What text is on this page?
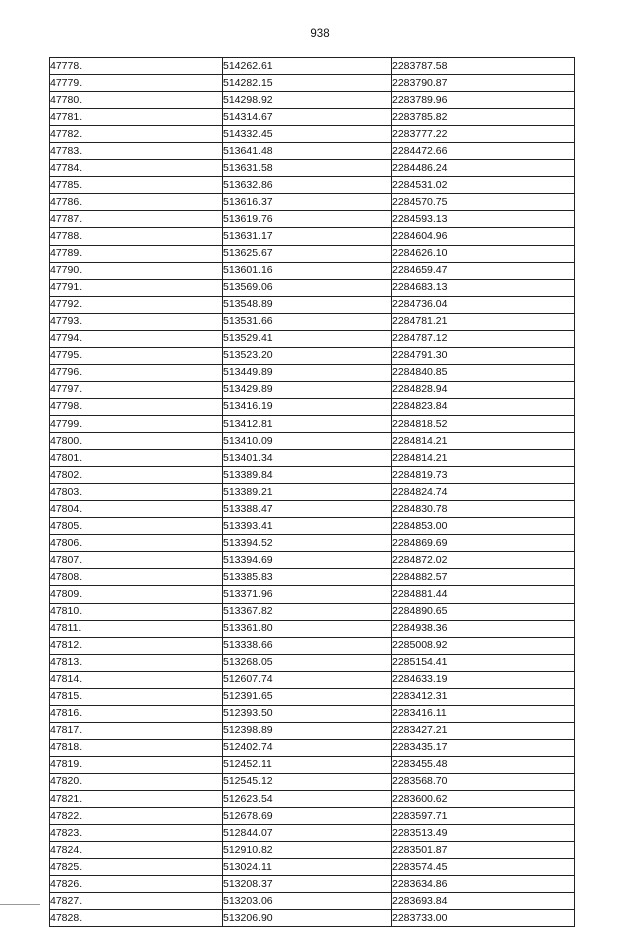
938
47778.	514262.61	2283787.58
47779.	514282.15	2283790.87
47780.	514298.92	2283789.96
47781.	514314.67	2283785.82
47782.	514332.45	2283777.22
47783.	513641.48	2284472.66
47784.	513631.58	2284486.24
47785.	513632.86	2284531.02
47786.	513616.37	2284570.75
47787.	513619.76	2284593.13
47788.	513631.17	2284604.96
47789.	513625.67	2284626.10
47790.	513601.16	2284659.47
47791.	513569.06	2284683.13
47792.	513548.89	2284736.04
47793.	513531.66	2284781.21
47794.	513529.41	2284787.12
47795.	513523.20	2284791.30
47796.	513449.89	2284840.85
47797.	513429.89	2284828.94
47798.	513416.19	2284823.84
47799.	513412.81	2284818.52
47800.	513410.09	2284814.21
47801.	513401.34	2284814.21
47802.	513389.84	2284819.73
47803.	513389.21	2284824.74
47804.	513388.47	2284830.78
47805.	513393.41	2284853.00
47806.	513394.52	2284869.69
47807.	513394.69	2284872.02
47808.	513385.83	2284882.57
47809.	513371.96	2284881.44
47810.	513367.82	2284890.65
47811.	513361.80	2284938.36
47812.	513338.66	2285008.92
47813.	513268.05	2285154.41
47814.	512607.74	2284633.19
47815.	512391.65	2283412.31
47816.	512393.50	2283416.11
47817.	512398.89	2283427.21
47818.	512402.74	2283435.17
47819.	512452.11	2283455.48
47820.	512545.12	2283568.70
47821.	512623.54	2283600.62
47822.	512678.69	2283597.71
47823.	512844.07	2283513.49
47824.	512910.82	2283501.87
47825.	513024.11	2283574.45
47826.	513208.37	2283634.86
47827.	513203.06	2283693.84
47828.	513206.90	2283733.00
